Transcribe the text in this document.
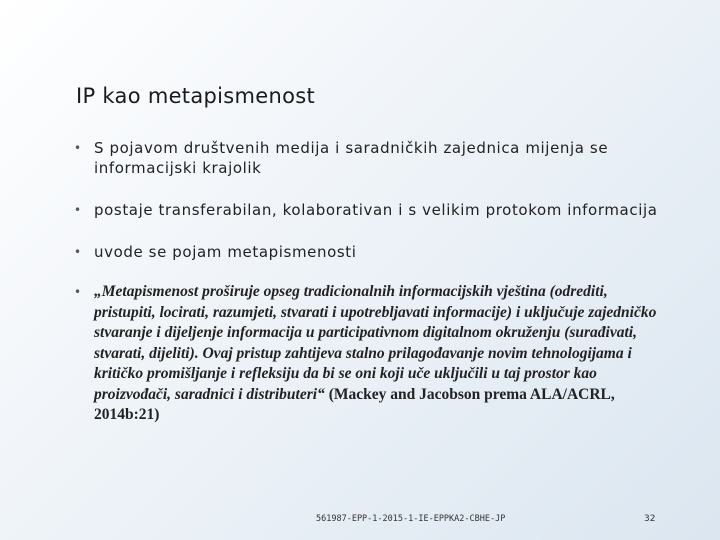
IP kao metapismenost
• S pojavom društvenih medija i saradničkih zajednica mijenja se informacijski krajolik
• postaje transferabilan, kolaborativan i s velikim protokom informacija
• uvode se pojam metapismenosti
• „Metapismenost proširuje opseg tradicionalnih informacijskih vještina (odrediti, pristupiti, locirati, razumjeti, stvarati i upotrebljavati informacije) i uključuje zajedničko stvaranje i dijeljenje informacija u participativnom digitalnom okruženju (surađivati, stvarati, dijeliti). Ovaj pristup zahtijeva stalno prilagođavanje novim tehnologijama i kritičko promišljanje i refleksiju da bi se oni koji uče uključili u taj prostor kao proizvođači, saradnici i distributeri“ (Mackey and Jacobson prema ALA/ACRL, 2014b:21)
561987-EPP-1-2015-1-IE-EPPKA2-CBHE-JP	32
